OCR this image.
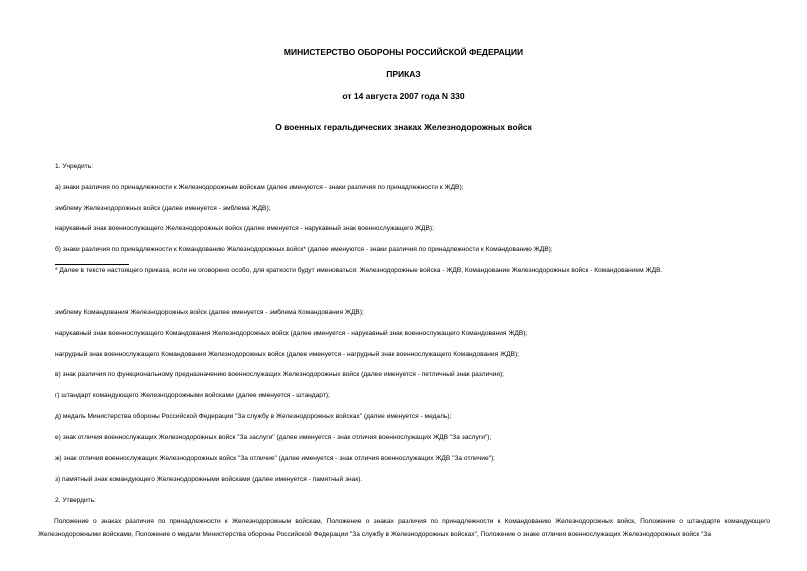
МИНИСТЕРСТВО ОБОРОНЫ РОССИЙСКОЙ ФЕДЕРАЦИИ
ПРИКАЗ
от 14 августа 2007 года N 330
О военных геральдических знаках Железнодорожных войск
1. Учредить:
а) знаки различия по принадлежности к Железнодорожным войскам (далее именуются - знаки различия по принадлежности к ЖДВ);
эмблему Железнодорожных войск (далее именуется - эмблема ЖДВ);
нарукавный знак военнослужащего Железнодорожных войск (далее именуется - нарукавный знак военнослужащего ЖДВ);
б) знаки различия по принадлежности к Командованию Железнодорожных войск* (далее именуются - знаки различия по принадлежности к Командованию ЖДВ);
* Далее в тексте настоящего приказа, если не оговорено особо, для краткости будут именоваться: Железнодорожные войска - ЖДВ, Командование Железнодорожных войск - Командованием ЖДВ.
эмблему Командования Железнодорожных войск (далее именуется - эмблема Командования ЖДВ);
нарукавный знак военнослужащего Командования Железнодорожных войск (далее именуется - нарукавный знак военнослужащего Командования ЖДВ);
нагрудный знак военнослужащего Командования Железнодорожных войск (далее именуется - нагрудный знак военнослужащего Командования ЖДВ);
в) знак различия по функциональному предназначению военнослужащих Железнодорожных войск (далее именуется - петличный знак различия);
г) штандарт командующего Железнодорожными войсками (далее именуется - штандарт);
д) медаль Министерства обороны Российской Федерации "За службу в Железнодорожных войсках" (далее именуется - медаль);
е) знак отличия военнослужащих Железнодорожных войск "За заслуги" (далее именуется - знак отличия военнослужащих ЖДВ "За заслуги");
ж) знак отличия военнослужащих Железнодорожных войск "За отличие" (далее именуется - знак отличия военнослужащих ЖДВ "За отличие");
з) памятный знак командующего Железнодорожными войсками (далее именуется - памятный знак).
2. Утвердить:
Положение о знаках различия по принадлежности к Железнодорожным войскам, Положение о знаках различия по принадлежности к Командованию Железнодорожных войск, Положение о штандарте командующего Железнодорожными войсками, Положение о медали Министерства обороны Российской Федерации "За службу в Железнодорожных войсках", Положение о знаке отличия военнослужащих Железнодорожных войск "За
